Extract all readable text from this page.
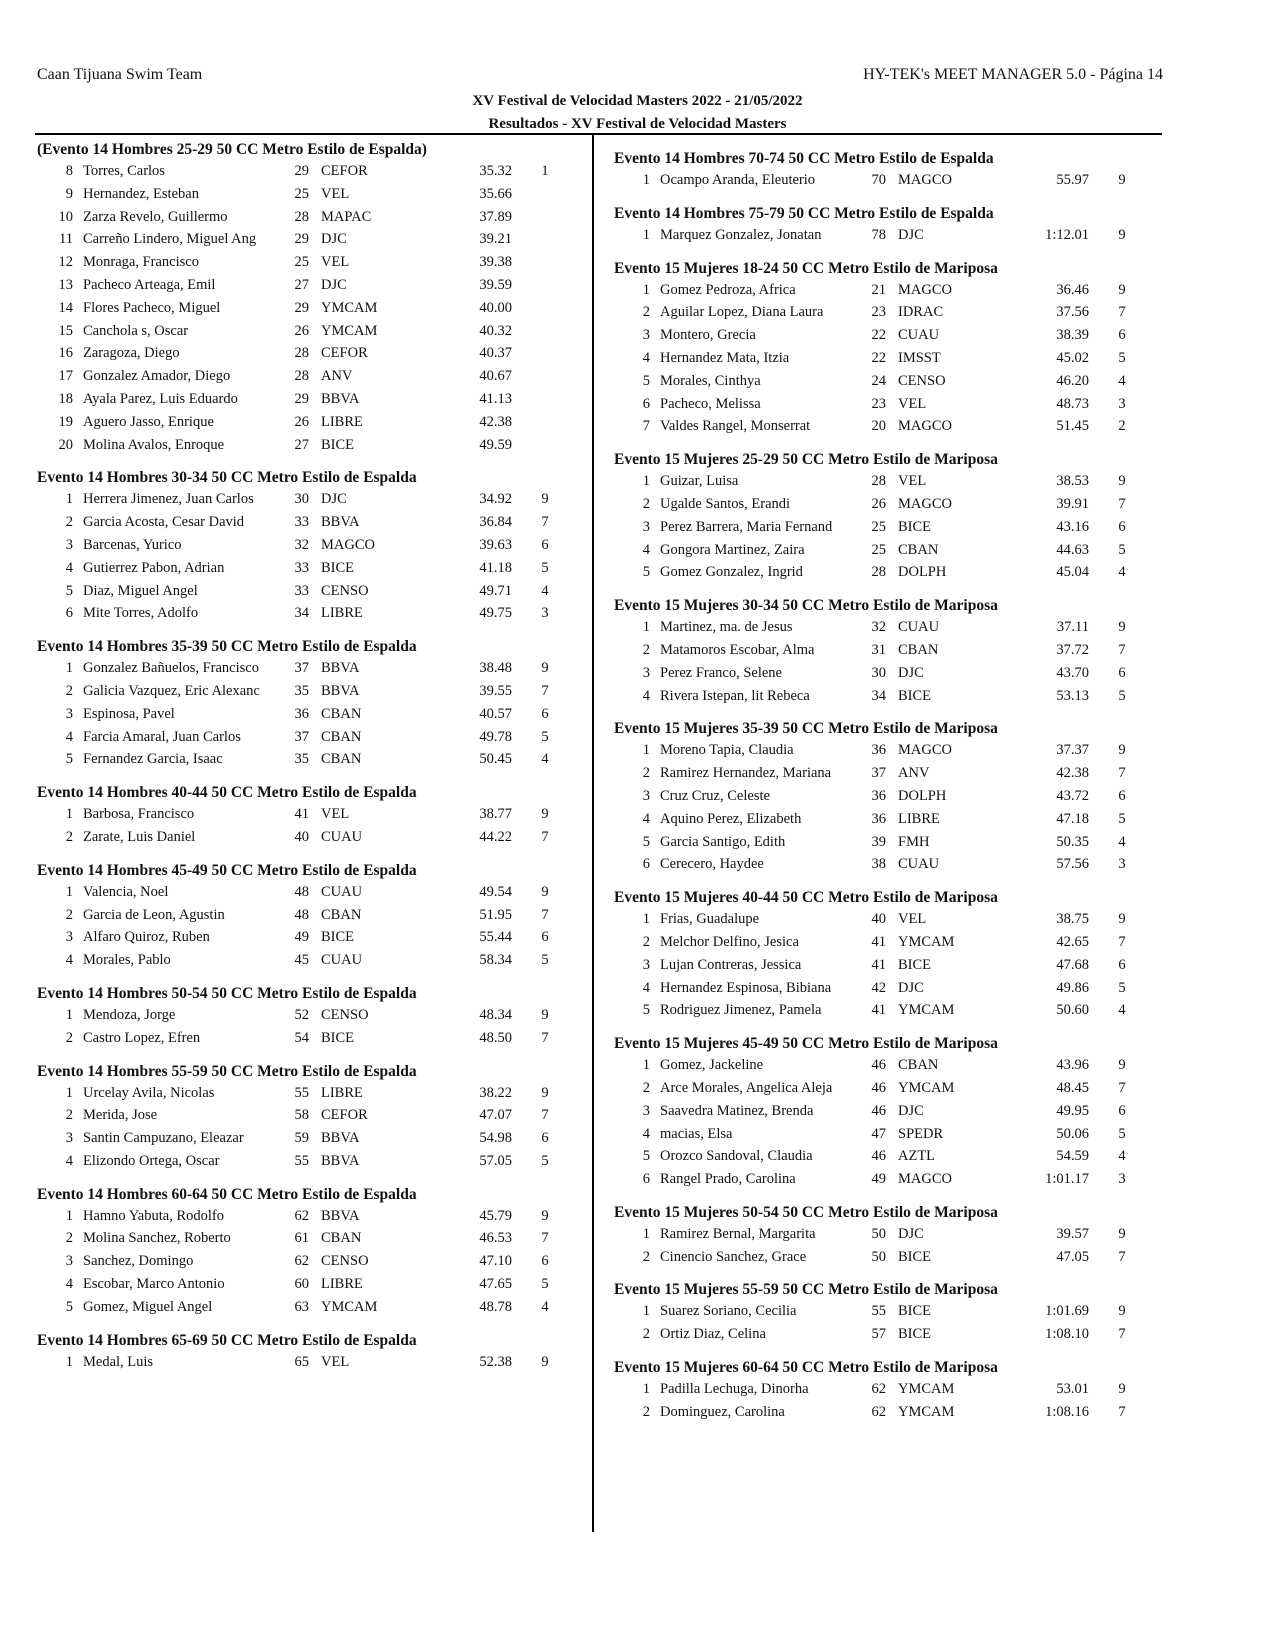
Caan Tijuana Swim Team	HY-TEK's MEET MANAGER 5.0 - Página 14
XV Festival de Velocidad Masters 2022 - 21/05/2022
Resultados - XV Festival de Velocidad Masters
(Evento 14 Hombres 25-29 50 CC Metro Estilo de Espalda)
8 Torres, Carlos	29 CEFOR	35.32	1
9 Hernandez, Esteban	25 VEL	35.66
10 Zarza Revelo, Guillermo	28 MAPAC	37.89
11 Carreño Lindero, Miguel Ang	29 DJC	39.21
12 Monraga, Francisco	25 VEL	39.38
13 Pacheco Arteaga, Emil	27 DJC	39.59
14 Flores Pacheco, Miguel	29 YMCAM	40.00
15 Canchola s, Oscar	26 YMCAM	40.32
16 Zaragoza, Diego	28 CEFOR	40.37
17 Gonzalez Amador, Diego	28 ANV	40.67
18 Ayala Parez, Luis Eduardo	29 BBVA	41.13
19 Aguero Jasso, Enrique	26 LIBRE	42.38
20 Molina Avalos, Enroque	27 BICE	49.59
Evento 14 Hombres 30-34 50 CC Metro Estilo de Espalda
1 Herrera Jimenez, Juan Carlos	30 DJC	34.92	9
2 Garcia Acosta, Cesar David	33 BBVA	36.84	7
3 Barcenas, Yurico	32 MAGCO	39.63	6
4 Gutierrez Pabon, Adrian	33 BICE	41.18	5
5 Diaz, Miguel Angel	33 CENSO	49.71	4
6 Mite Torres, Adolfo	34 LIBRE	49.75	3
Evento 14 Hombres 35-39 50 CC Metro Estilo de Espalda
1 Gonzalez Bañuelos, Francisco	37 BBVA	38.48	9
2 Galicia Vazquez, Eric Alexanc	35 BBVA	39.55	7
3 Espinosa, Pavel	36 CBAN	40.57	6
4 Farcia Amaral, Juan Carlos	37 CBAN	49.78	5
5 Fernandez Garcia, Isaac	35 CBAN	50.45	4
Evento 14 Hombres 40-44 50 CC Metro Estilo de Espalda
1 Barbosa, Francisco	41 VEL	38.77	9
2 Zarate, Luis Daniel	40 CUAU	44.22	7
Evento 14 Hombres 45-49 50 CC Metro Estilo de Espalda
1 Valencia, Noel	48 CUAU	49.54	9
2 Garcia de Leon, Agustin	48 CBAN	51.95	7
3 Alfaro Quiroz, Ruben	49 BICE	55.44	6
4 Morales, Pablo	45 CUAU	58.34	5
Evento 14 Hombres 50-54 50 CC Metro Estilo de Espalda
1 Mendoza, Jorge	52 CENSO	48.34	9
2 Castro Lopez, Efren	54 BICE	48.50	7
Evento 14 Hombres 55-59 50 CC Metro Estilo de Espalda
1 Urcelay Avila, Nicolas	55 LIBRE	38.22	9
2 Merida, Jose	58 CEFOR	47.07	7
3 Santin Campuzano, Eleazar	59 BBVA	54.98	6
4 Elizondo Ortega, Oscar	55 BBVA	57.05	5
Evento 14 Hombres 60-64 50 CC Metro Estilo de Espalda
1 Hamno Yabuta, Rodolfo	62 BBVA	45.79	9
2 Molina Sanchez, Roberto	61 CBAN	46.53	7
3 Sanchez, Domingo	62 CENSO	47.10	6
4 Escobar, Marco Antonio	60 LIBRE	47.65	5
5 Gomez, Miguel Angel	63 YMCAM	48.78	4
Evento 14 Hombres 65-69 50 CC Metro Estilo de Espalda
1 Medal, Luis	65 VEL	52.38	9
Evento 14 Hombres 70-74 50 CC Metro Estilo de Espalda
1 Ocampo Aranda, Eleuterio	70 MAGCO	55.97	9
Evento 14 Hombres 75-79 50 CC Metro Estilo de Espalda
1 Marquez Gonzalez, Jonatan	78 DJC	1:12.01	9
Evento 15 Mujeres 18-24 50 CC Metro Estilo de Mariposa
1 Gomez Pedroza, Africa	21 MAGCO	36.46	9
2 Aguilar Lopez, Diana Laura	23 IDRAC	37.56	7
3 Montero, Grecia	22 CUAU	38.39	6
4 Hernandez Mata, Itzia	22 IMSST	45.02	5
5 Morales, Cinthya	24 CENSO	46.20	4
6 Pacheco, Melissa	23 VEL	48.73	3
7 Valdes Rangel, Monserrat	20 MAGCO	51.45	2
Evento 15 Mujeres 25-29 50 CC Metro Estilo de Mariposa
1 Guizar, Luisa	28 VEL	38.53	9
2 Ugalde Santos, Erandi	26 MAGCO	39.91	7
3 Perez Barrera, Maria Fernand	25 BICE	43.16	6
4 Gongora Martinez, Zaira	25 CBAN	44.63	5
5 Gomez Gonzalez, Ingrid	28 DOLPH	45.04	4
Evento 15 Mujeres 30-34 50 CC Metro Estilo de Mariposa
1 Martinez, ma. de Jesus	32 CUAU	37.11	9
2 Matamoros Escobar, Alma	31 CBAN	37.72	7
3 Perez Franco, Selene	30 DJC	43.70	6
4 Rivera Istepan, lit Rebeca	34 BICE	53.13	5
Evento 15 Mujeres 35-39 50 CC Metro Estilo de Mariposa
1 Moreno Tapia, Claudia	36 MAGCO	37.37	9
2 Ramirez Hernandez, Mariana	37 ANV	42.38	7
3 Cruz Cruz, Celeste	36 DOLPH	43.72	6
4 Aquino Perez, Elizabeth	36 LIBRE	47.18	5
5 Garcia Santigo, Edith	39 FMH	50.35	4
6 Cerecero, Haydee	38 CUAU	57.56	3
Evento 15 Mujeres 40-44 50 CC Metro Estilo de Mariposa
1 Frias, Guadalupe	40 VEL	38.75	9
2 Melchor Delfino, Jesica	41 YMCAM	42.65	7
3 Lujan Contreras, Jessica	41 BICE	47.68	6
4 Hernandez Espinosa, Bibiana	42 DJC	49.86	5
5 Rodriguez Jimenez, Pamela	41 YMCAM	50.60	4
Evento 15 Mujeres 45-49 50 CC Metro Estilo de Mariposa
1 Gomez, Jackeline	46 CBAN	43.96	9
2 Arce Morales, Angelica Aleja	46 YMCAM	48.45	7
3 Saavedra Matinez, Brenda	46 DJC	49.95	6
4 macias, Elsa	47 SPEDR	50.06	5
5 Orozco Sandoval, Claudia	46 AZTL	54.59	4
6 Rangel Prado, Carolina	49 MAGCO	1:01.17	3
Evento 15 Mujeres 50-54 50 CC Metro Estilo de Mariposa
1 Ramirez Bernal, Margarita	50 DJC	39.57	9
2 Cinencio Sanchez, Grace	50 BICE	47.05	7
Evento 15 Mujeres 55-59 50 CC Metro Estilo de Mariposa
1 Suarez Soriano, Cecilia	55 BICE	1:01.69	9
2 Ortiz Diaz, Celina	57 BICE	1:08.10	7
Evento 15 Mujeres 60-64 50 CC Metro Estilo de Mariposa
1 Padilla Lechuga, Dinorha	62 YMCAM	53.01	9
2 Dominguez, Carolina	62 YMCAM	1:08.16	7
